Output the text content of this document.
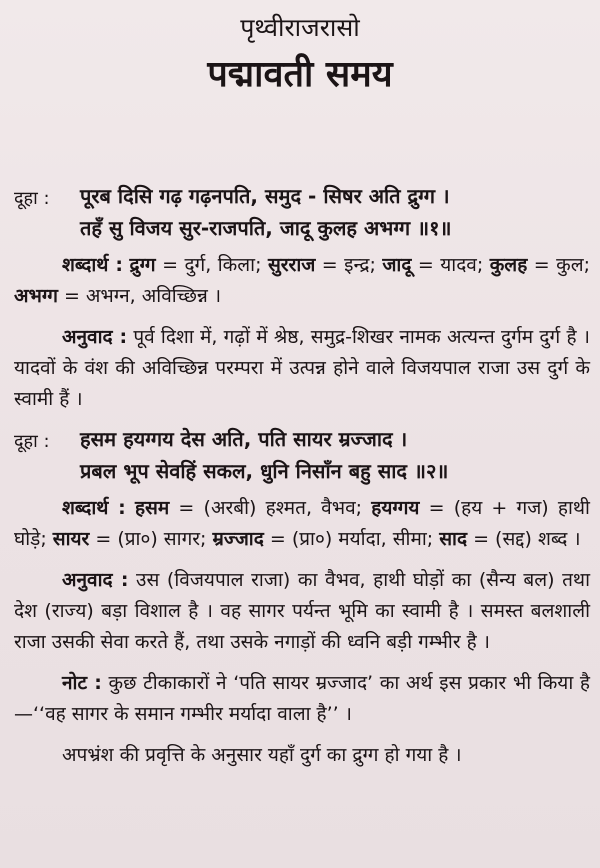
पृथ्वीराजरासो
पद्मावती समय
दूहा :	पूरब दिसि गढ़ गढ़नपति, समुद - सिषर अति द्रुग्ग ।
तहँ सु विजय सुर-राजपति, जादू कुलह अभग्ग ॥१॥

शब्दार्थ : द्रुग्ग = दुर्ग, किला; सुरराज = इन्द्र; जादू = यादव; कुलह = कुल; अभग्ग = अभग्न, अविच्छिन्न ।

अनुवाद : पूर्व दिशा में, गढ़ों में श्रेष्ठ, समुद्र-शिखर नामक अत्यन्त दुर्गम दुर्ग है । यादवों के वंश की अविच्छिन्न परम्परा में उत्पन्न होने वाले विजयपाल राजा उस दुर्ग के स्वामी हैं ।

दूहा :	हसम हयग्गय देस अति, पति सायर म्रज्जाद ।
प्रबल भूप सेवहिं सकल, धुनि निसाँन बहु साद ॥२॥

शब्दार्थ : हसम = (अरबी) हश्मत, वैभव; हयग्गय = (हय + गज) हाथी घोड़े; सायर = (प्रा०) सागर; म्रज्जाद = (प्रा०) मर्यादा, सीमा; साद = (सद्द) शब्द ।

अनुवाद : उस (विजयपाल राजा) का वैभव, हाथी घोड़ों का (सैन्य बल) तथा देश (राज्य) बड़ा विशाल है । वह सागर पर्यन्त भूमि का स्वामी है । समस्त बलशाली राजा उसकी सेवा करते हैं, तथा उसके नगाड़ों की ध्वनि बड़ी गम्भीर है ।

नोट : कुछ टीकाकारों ने ‘पति सायर म्रज्जाद’ का अर्थ इस प्रकार भी किया है —‘‘वह सागर के समान गम्भीर मर्यादा वाला है’’ ।

अपभ्रंश की प्रवृत्ति के अनुसार यहाँ दुर्ग का द्रुग्ग हो गया है ।
